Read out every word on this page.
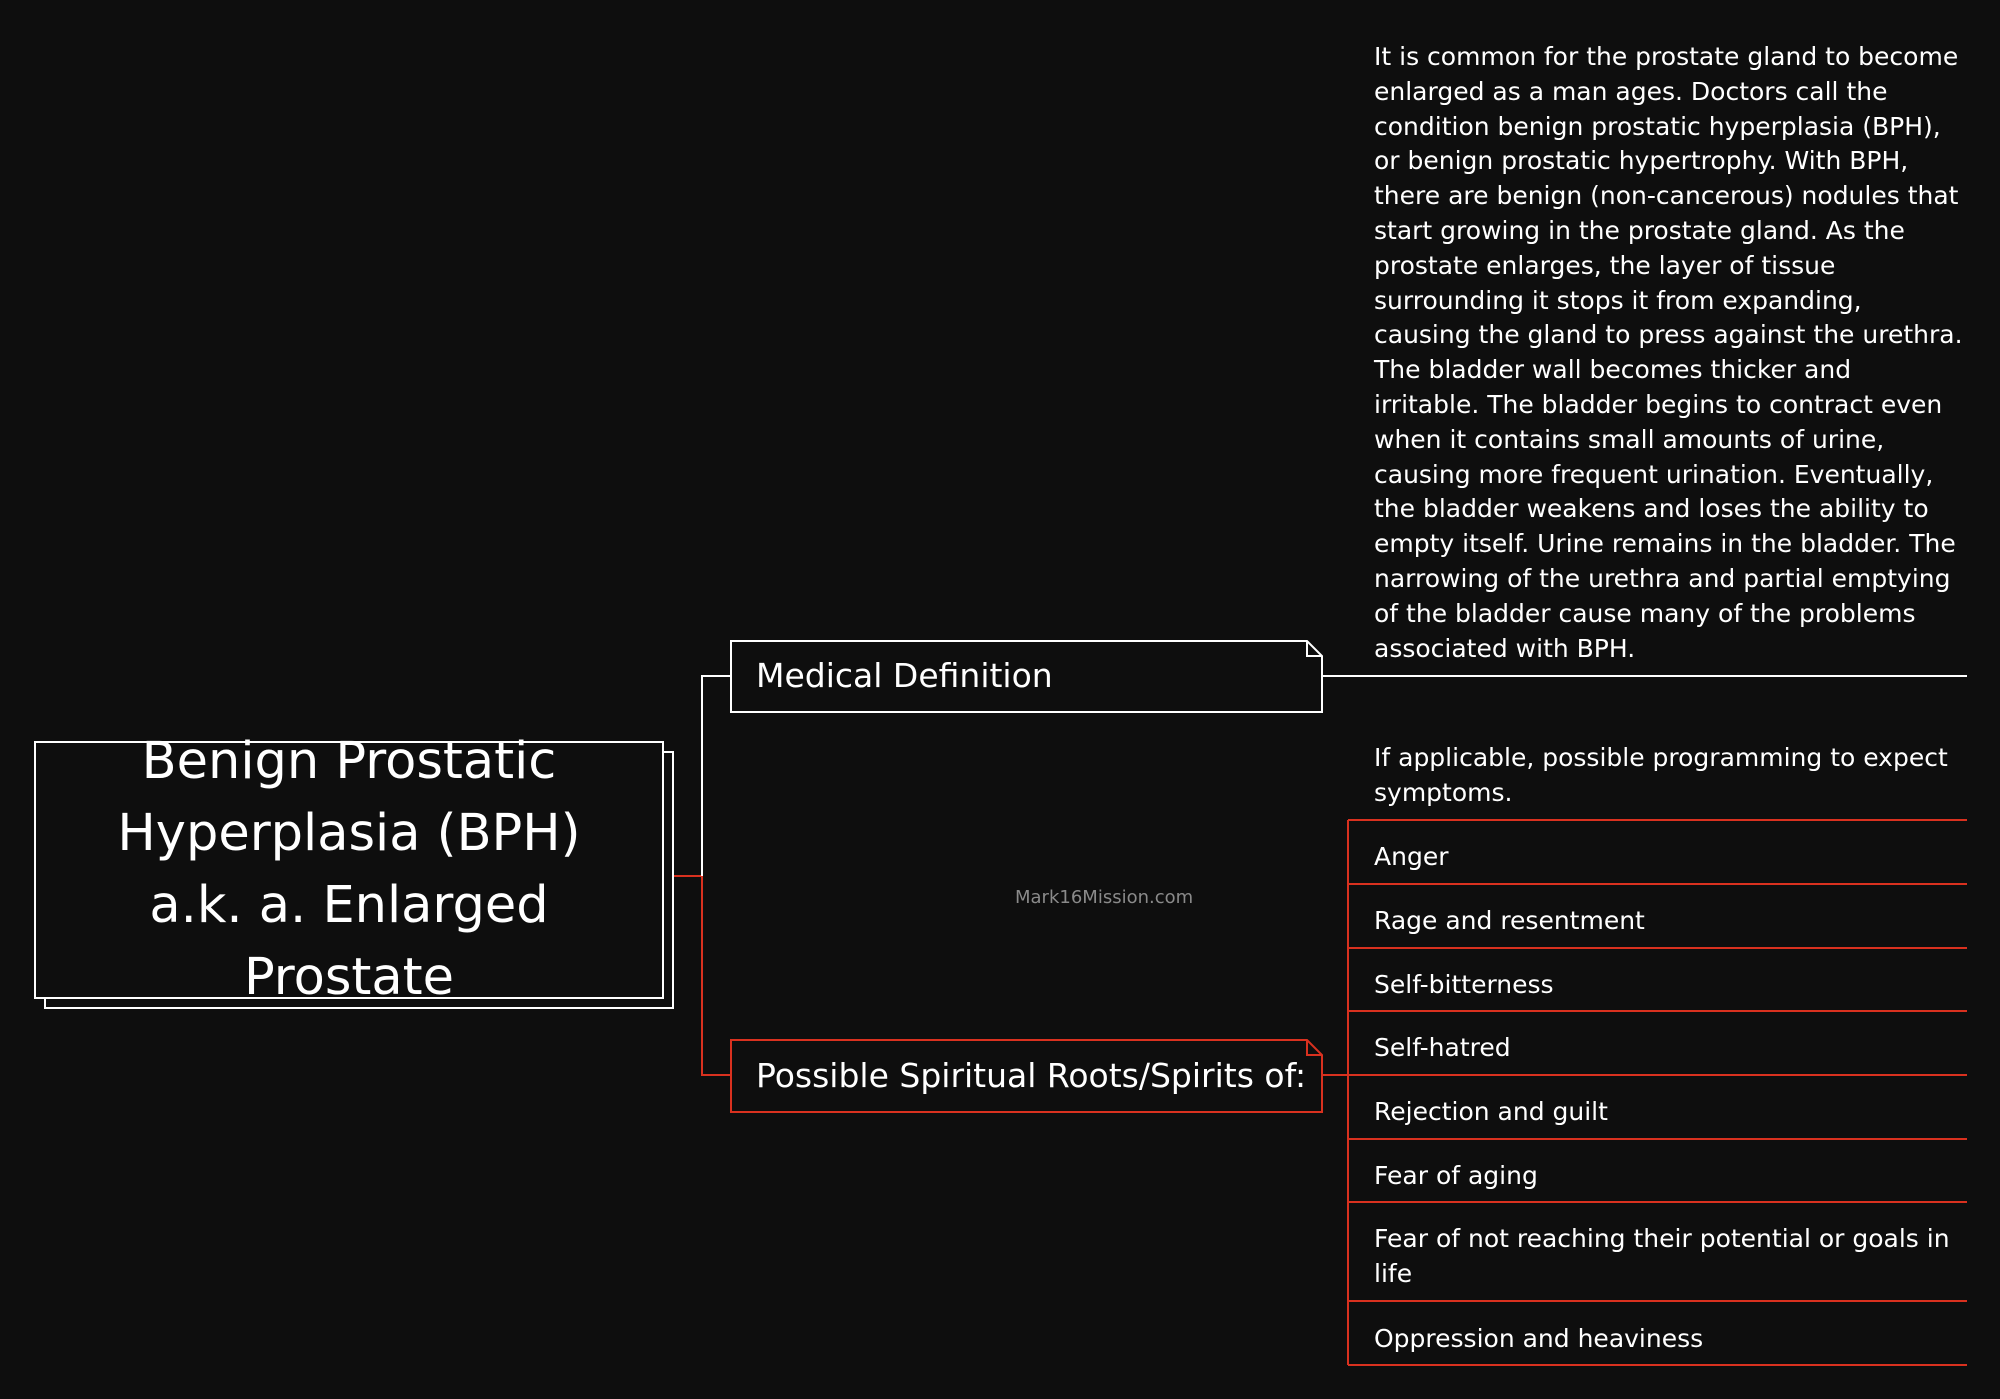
Benign Prostatic Hyperplasia (BPH) a.k. a. Enlarged Prostate
Medical Definition
It is common for the prostate gland to become enlarged as a man ages. Doctors call the condition benign prostatic hyperplasia (BPH), or benign prostatic hypertrophy. With BPH, there are benign (non-cancerous) nodules that start growing in the prostate gland. As the prostate enlarges, the layer of tissue surrounding it stops it from expanding, causing the gland to press against the urethra. The bladder wall becomes thicker and irritable. The bladder begins to contract even when it contains small amounts of urine, causing more frequent urination. Eventually, the bladder weakens and loses the ability to empty itself. Urine remains in the bladder. The narrowing of the urethra and partial emptying of the bladder cause many of the problems associated with BPH.
Possible Spiritual Roots/Spirits of:
If applicable, possible programming to expect symptoms.
Anger
Rage and resentment
Self-bitterness
Self-hatred
Rejection and guilt
Fear of aging
Fear of not reaching their potential or goals in life
Oppression and heaviness
Mark16Mission.com
